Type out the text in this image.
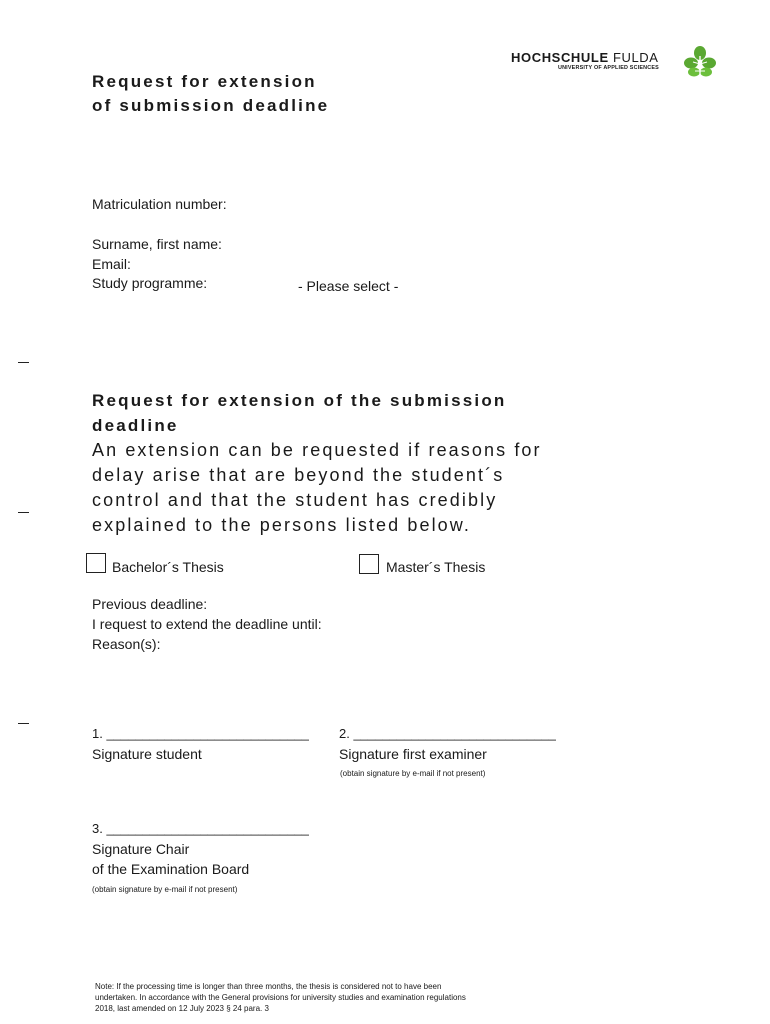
HOCHSCHULE FULDA
UNIVERSITY OF APPLIED SCIENCES
Request for extension
of submission deadline
Matriculation number:
Surname, first name:
Email:
Study programme:	- Please select -
Request for extension of the submission
deadline
An extension can be requested if reasons for
delay arise that are beyond the student´s
control and that the student has credibly
explained to the persons listed below.
Bachelor´s Thesis	Master´s Thesis
Previous deadline:
I request to extend the deadline until:
Reason(s):
1. ____________________________
Signature student
2. ____________________________
Signature first examiner
(obtain signature by e-mail if not present)
3. ____________________________
Signature Chair
of the Examination Board
(obtain signature by e-mail if not present)
Note: If the processing time is longer than three months, the thesis is considered not to have been
undertaken. In accordance with the General provisions for university studies and examination regulations
2018, last amended on 12 July 2023 § 24 para. 3
